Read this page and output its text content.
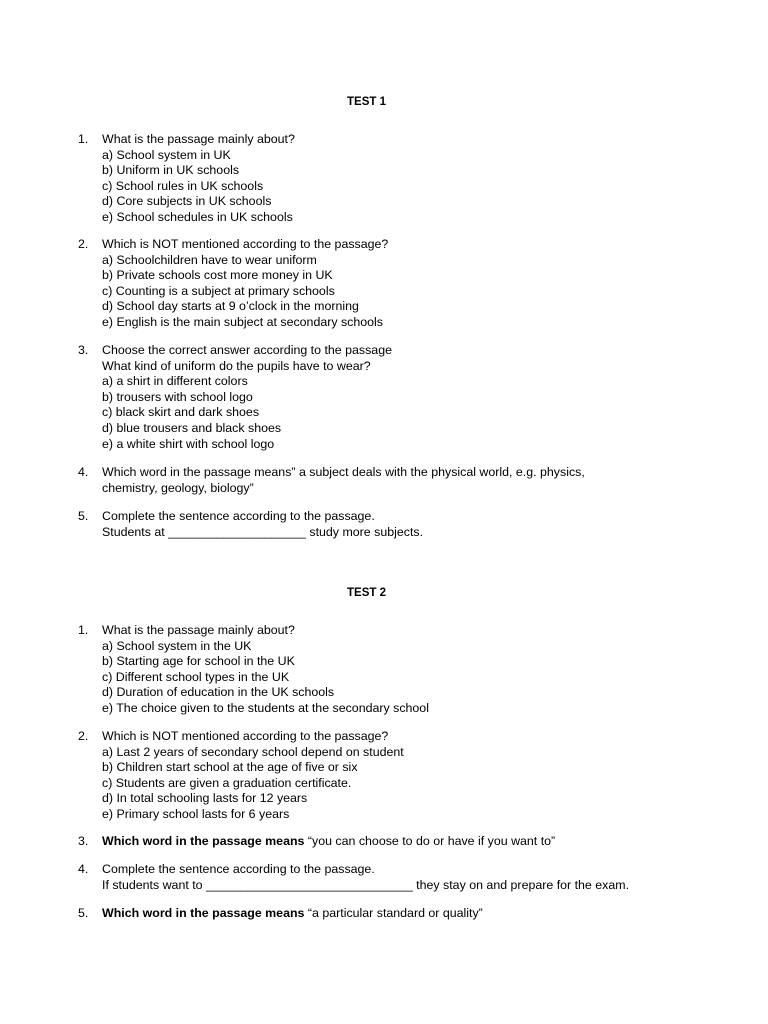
TEST 1
1.	What is the passage mainly about?
a) School system in UK
b) Uniform in UK schools
c) School rules in UK schools
d) Core subjects in UK schools
e) School schedules in UK schools
2.	Which is NOT mentioned according to the passage?
a) Schoolchildren have to wear uniform
b) Private schools cost more money in UK
c) Counting is a subject at primary schools
d) School day starts at 9 o’clock in the morning
e) English is the main subject at secondary schools
3.	Choose the correct answer according to the passage
What kind of uniform do the pupils have to wear?
a) a shirt in different colors
b) trousers with school logo
c) black skirt and dark shoes
d) blue trousers and black shoes
e) a white shirt with school logo
4.	Which word in the passage means” a subject deals with the physical world, e.g. physics, chemistry, geology, biology”
5.	Complete the sentence according to the passage.
Students at ____________________ study more subjects.
TEST 2
1.	What is the passage mainly about?
a) School system in the UK
b) Starting age for school in the UK
c) Different school types in the UK
d) Duration of education in the UK schools
e) The choice given to the students at the secondary school
2.	Which is NOT mentioned according to the passage?
a) Last 2 years of secondary school depend on student
b) Children start school at the age of five or six
c) Students are given a graduation certificate.
d) In total schooling lasts for 12 years
e) Primary school lasts for 6 years
3.	Which word in the passage means “you can choose to do or have if you want to”
4.	Complete the sentence according to the passage.
If students want to ______________________________ they stay on and prepare for the exam.
5.	Which word in the passage means “a particular standard or quality”
